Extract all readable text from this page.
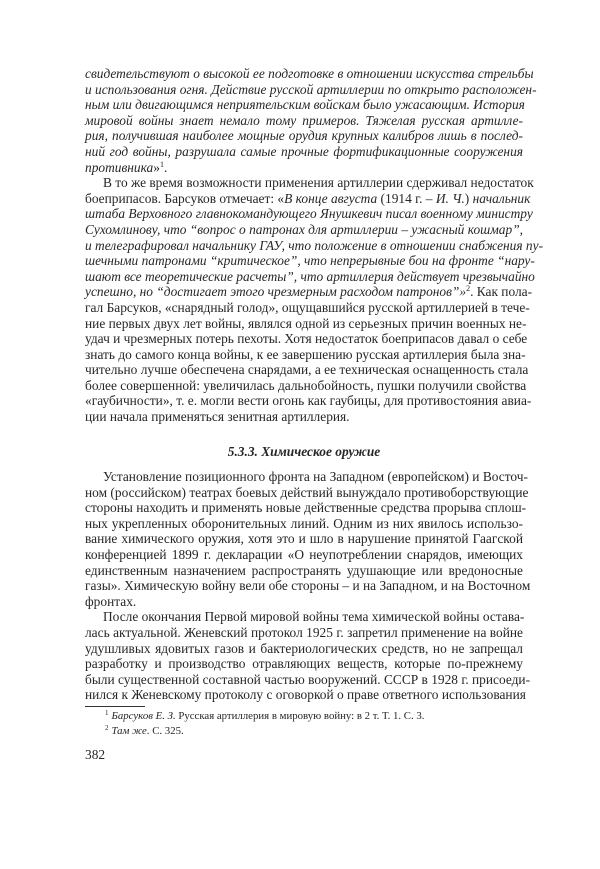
свидетельствуют о высокой ее подготовке в отношении искусства стрельбы
и использования огня. Действие русской артиллерии по открыто расположен-
ным или двигающимся неприятельским войскам было ужасающим. История
мировой войны знает немало тому примеров. Тяжелая русская артилле-
рия, получившая наиболее мощные орудия крупных калибров лишь в послед-
ний год войны, разрушала самые прочные фортификационные сооружения
противника»$^1$.
В то же время возможности применения артиллерии сдерживал недостаток
боеприпасов. Барсуков отмечает: «В конце августа (1914 г. – И. Ч.) начальник
штаба Верховного главнокомандующего Янушкевич писал военному министру
Сухомлинову, что “вопрос о патронах для артиллерии – ужасный кошмар”,
и телеграфировал начальнику ГАУ, что положение в отношении снабжения пу-
шечными патронами “критическое”, что непрерывные бои на фронте “нару-
шают все теоретические расчеты”, что артиллерия действует чрезвычайно
успешно, но “достигает этого чрезмерным расходом патронов”»$^2$. Как пола-
гал Барсуков, «снарядный голод», ощущавшийся русской артиллерией в тече-
ние первых двух лет войны, являлся одной из серьезных причин военных не-
удач и чрезмерных потерь пехоты. Хотя недостаток боеприпасов давал о себе
знать до самого конца войны, к ее завершению русская артиллерия была зна-
чительно лучше обеспечена снарядами, а ее техническая оснащенность стала
более совершенной: увеличилась дальнобойность, пушки получили свойства
«гаубичности», т. е. могли вести огонь как гаубицы, для противостояния авиа-
ции начала применяться зенитная артиллерия.
5.3.3. Химическое оружие
Установление позиционного фронта на Западном (европейском) и Восточ-
ном (российском) театрах боевых действий вынуждало противоборствующие
стороны находить и применять новые действенные средства прорыва сплош-
ных укрепленных оборонительных линий. Одним из них явилось использо-
вание химического оружия, хотя это и шло в нарушение принятой Гаагской
конференцией 1899 г. декларации «О неупотреблении снарядов, имеющих
единственным назначением распространять удушающие или вредоносные
газы». Химическую войну вели обе стороны – и на Западном, и на Восточном
фронтах.
После окончания Первой мировой войны тема химической войны остава-
лась актуальной. Женевский протокол 1925 г. запретил применение на войне
удушливых ядовитых газов и бактериологических средств, но не запрещал
разработку и производство отравляющих веществ, которые по-прежнему
были существенной составной частью вооружений. СССР в 1928 г. присоеди-
нился к Женевскому протоколу с оговоркой о праве ответного использования
$^1$ Барсуков Е. З. Русская артиллерия в мировую войну: в 2 т. Т. 1. С. 3.
$^2$ Там же. С. 325.
382
